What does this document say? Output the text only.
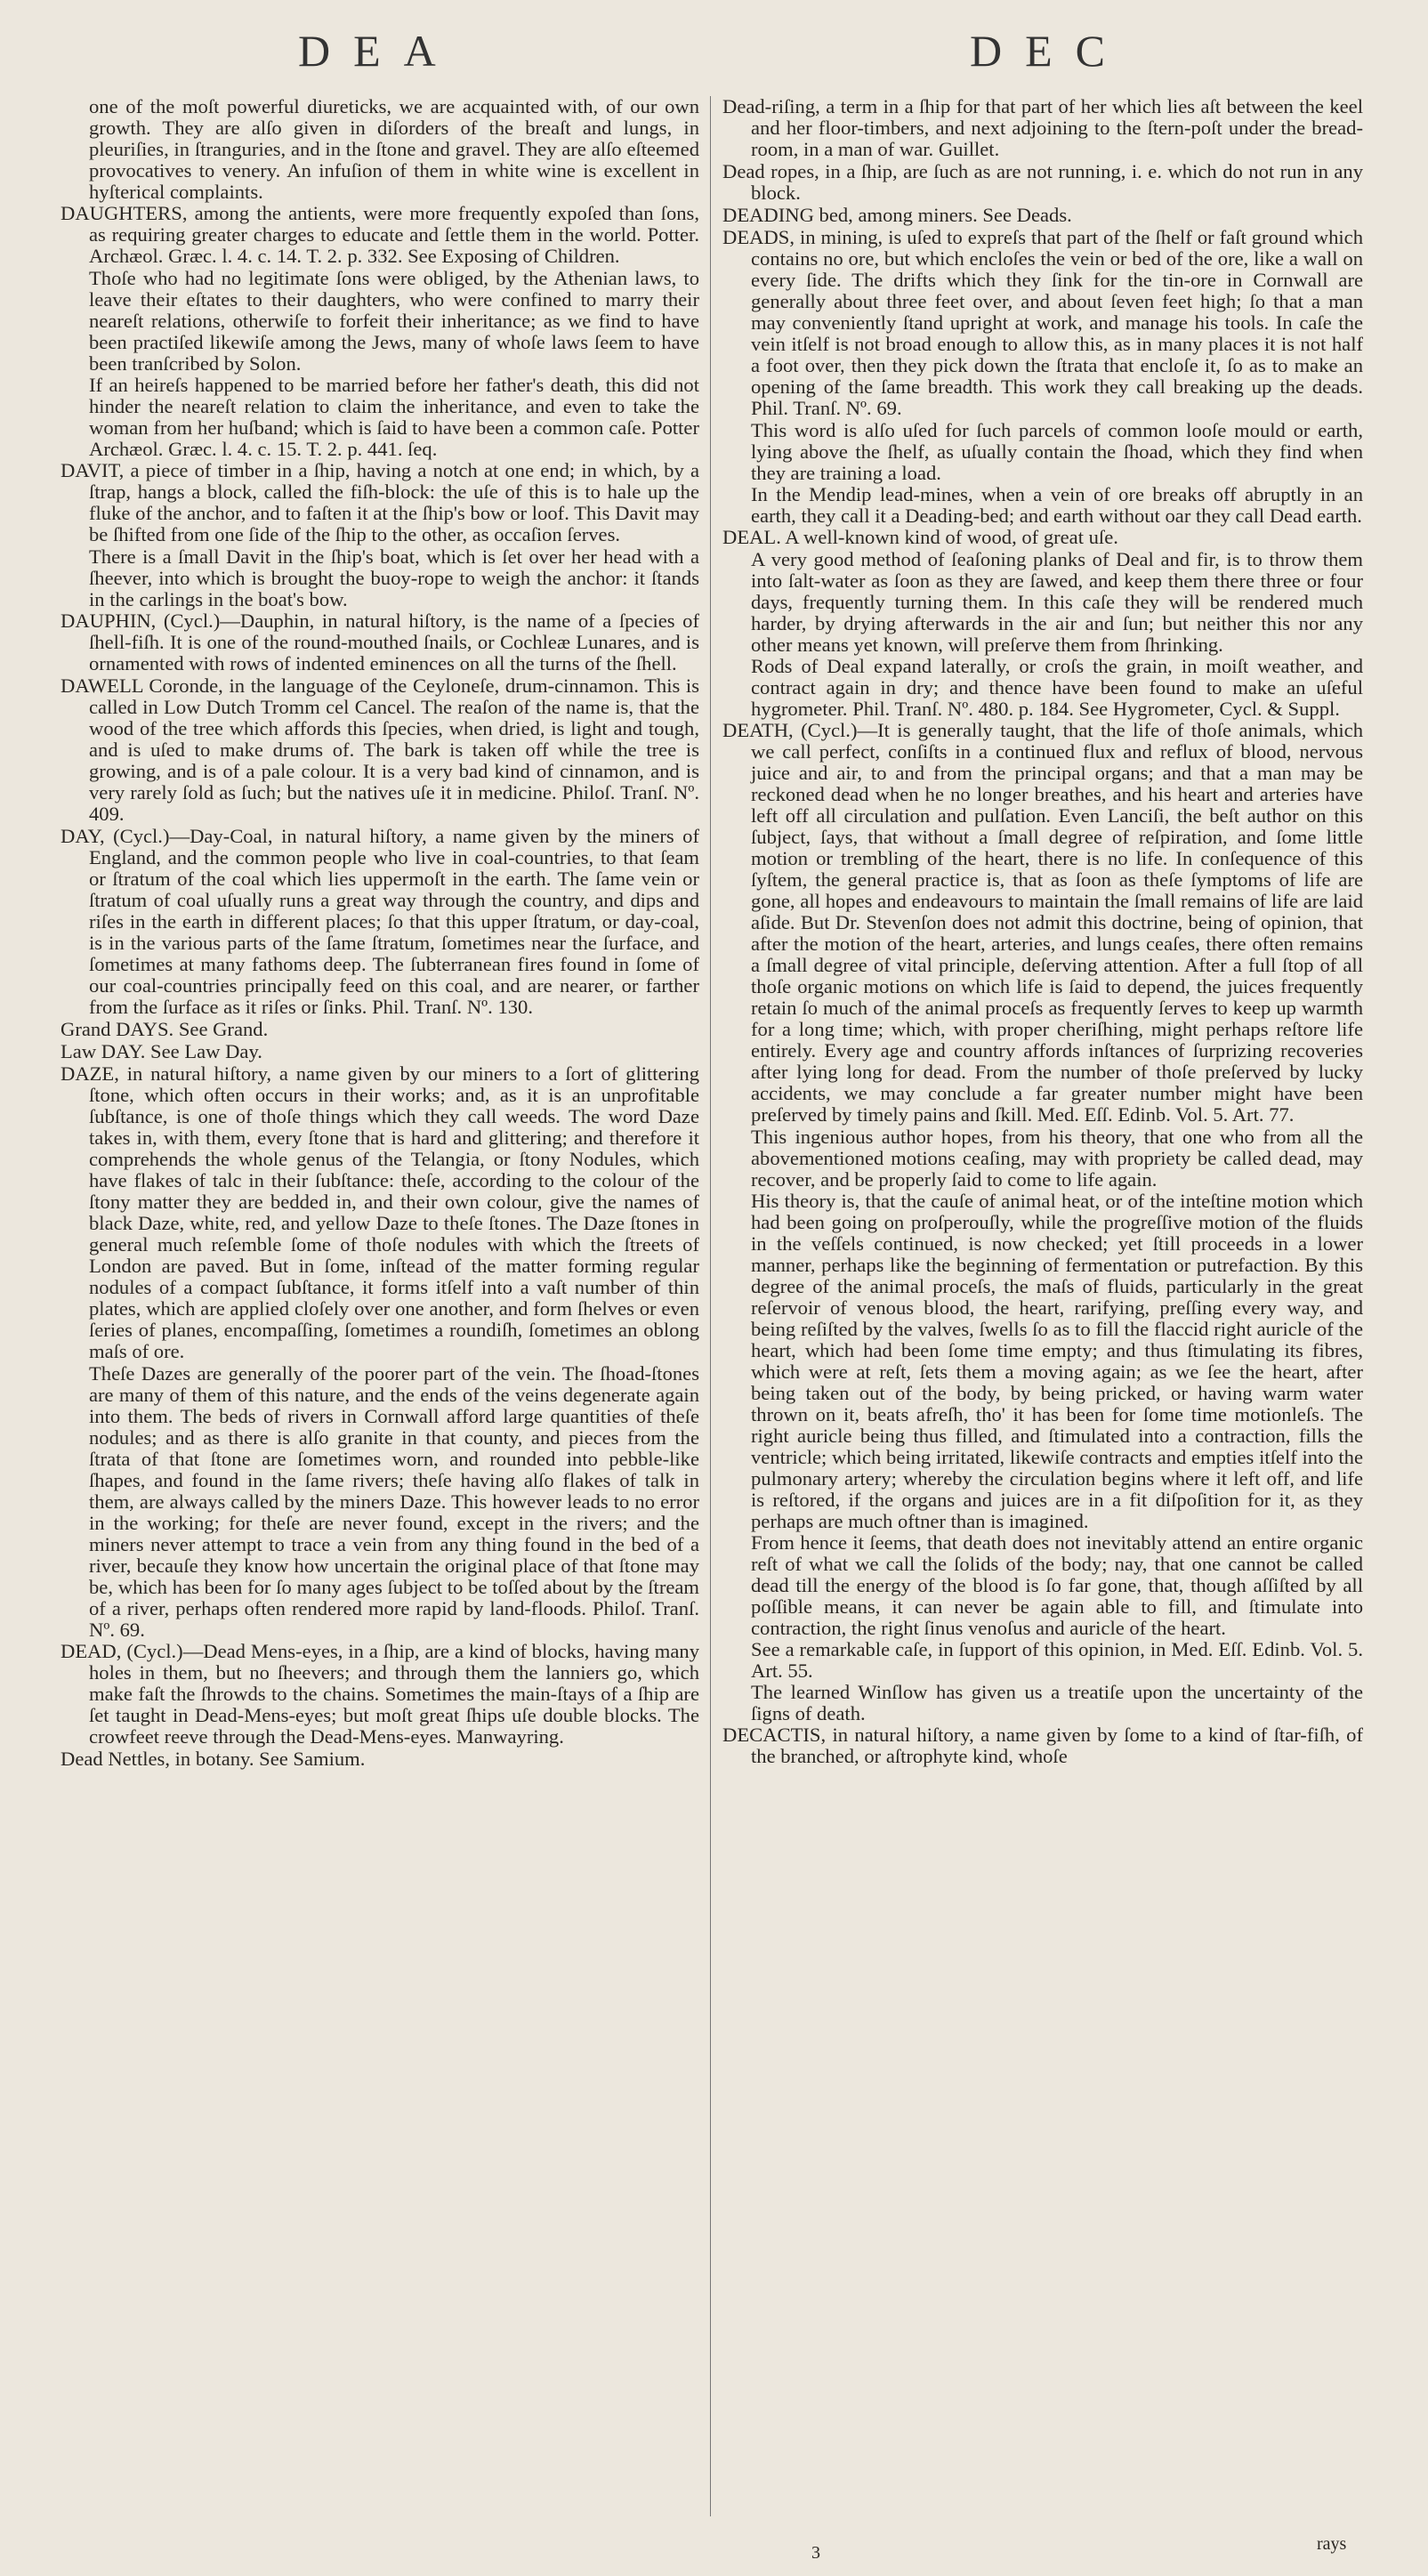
DEA	DEC

one of the moſt powerful diureticks, we are acquainted with, of our own growth. They are alſo given in diſorders of the breaſt and lungs, in pleuriſies, in ſtranguries, and in the ſtone and gravel. They are alſo eſteemed provocatives to venery. An infuſion of them in white wine is excellent in hyſterical complaints.

DAUGHTERS, among the antients, were more frequently expoſed than ſons, as requiring greater charges to educate and ſettle them in the world. Potter. Archæol. Græc. l. 4. c. 14. T. 2. p. 332. See Exposing of Children.

Thoſe who had no legitimate ſons were obliged, by the Athenian laws, to leave their eſtates to their daughters, who were confined to marry their neareſt relations, otherwiſe to forfeit their inheritance; as we find to have been practiſed likewiſe among the Jews, many of whoſe laws ſeem to have been tranſcribed by Solon.

If an heireſs happened to be married before her father's death, this did not hinder the neareſt relation to claim the inheritance, and even to take the woman from her huſband; which is ſaid to have been a common caſe. Potter Archæol. Græc. l. 4. c. 15. T. 2. p. 441. ſeq.

DAVIT, a piece of timber in a ſhip, having a notch at one end; in which, by a ſtrap, hangs a block, called the fiſh-block: the uſe of this is to hale up the fluke of the anchor, and to faſten it at the ſhip's bow or loof. This Davit may be ſhifted from one ſide of the ſhip to the other, as occaſion ſerves.

There is a ſmall Davit in the ſhip's boat, which is ſet over her head with a ſheever, into which is brought the buoy-rope to weigh the anchor: it ſtands in the carlings in the boat's bow.

DAUPHIN, (Cycl.)—Dauphin, in natural hiſtory, is the name of a ſpecies of ſhell-fiſh. It is one of the round-mouthed ſnails, or Cochleæ Lunares, and is ornamented with rows of indented eminences on all the turns of the ſhell.

DAWELL Coronde, in the language of the Ceyloneſe, drum-cinnamon. This is called in Low Dutch Tromm cel Cancel. The reaſon of the name is, that the wood of the tree which affords this ſpecies, when dried, is light and tough, and is uſed to make drums of. The bark is taken off while the tree is growing, and is of a pale colour. It is a very bad kind of cinnamon, and is very rarely ſold as ſuch; but the natives uſe it in medicine. Philoſ. Tranſ. Nº. 409.

DAY, (Cycl.)—Day-Coal, in natural hiſtory, a name given by the miners of England, and the common people who live in coal-countries, to that ſeam or ſtratum of the coal which lies uppermoſt in the earth. The ſame vein or ſtratum of coal uſually runs a great way through the country, and dips and riſes in the earth in different places; ſo that this upper ſtratum, or day-coal, is in the various parts of the ſame ſtratum, ſometimes near the ſurface, and ſometimes at many fathoms deep. The ſubterranean fires found in ſome of our coal-countries principally feed on this coal, and are nearer, or farther from the ſurface as it riſes or ſinks. Phil. Tranſ. Nº. 130.

Grand DAYS. See Grand.

Law DAY. See Law Day.

DAZE, in natural hiſtory, a name given by our miners to a ſort of glittering ſtone, which often occurs in their works; and, as it is an unprofitable ſubſtance, is one of thoſe things which they call weeds. The word Daze takes in, with them, every ſtone that is hard and glittering; and therefore it comprehends the whole genus of the Telangia, or ſtony Nodules, which have flakes of talc in their ſubſtance: theſe, according to the colour of the ſtony matter they are bedded in, and their own colour, give the names of black Daze, white, red, and yellow Daze to theſe ſtones. The Daze ſtones in general much reſemble ſome of thoſe nodules with which the ſtreets of London are paved. But in ſome, inſtead of the matter forming regular nodules of a compact ſubſtance, it forms itſelf into a vaſt number of thin plates, which are applied cloſely over one another, and form ſhelves or even ſeries of planes, encompaſſing, ſometimes a roundiſh, ſometimes an oblong maſs of ore.

Theſe Dazes are generally of the poorer part of the vein. The ſhoad-ſtones are many of them of this nature, and the ends of the veins degenerate again into them. The beds of rivers in Cornwall afford large quantities of theſe nodules; and as there is alſo granite in that county, and pieces from the ſtrata of that ſtone are ſometimes worn, and rounded into pebble-like ſhapes, and found in the ſame rivers; theſe having alſo flakes of talk in them, are always called by the miners Daze. This however leads to no error in the working; for theſe are never found, except in the rivers; and the miners never attempt to trace a vein from any thing found in the bed of a river, becauſe they know how uncertain the original place of that ſtone may be, which has been for ſo many ages ſubject to be toſſed about by the ſtream of a river, perhaps often rendered more rapid by land-floods. Philoſ. Tranſ. Nº. 69.

DEAD, (Cycl.)—Dead Mens-eyes, in a ſhip, are a kind of blocks, having many holes in them, but no ſheevers; and through them the lanniers go, which make faſt the ſhrowds to the chains. Sometimes the main-ſtays of a ſhip are ſet taught in Dead-Mens-eyes; but moſt great ſhips uſe double blocks. The crowfeet reeve through the Dead-Mens-eyes. Manwayring.

Dead Nettles, in botany. See Samium.

Dead-riſing, a term in a ſhip for that part of her which lies aſt between the keel and her floor-timbers, and next adjoining to the ſtern-poſt under the bread-room, in a man of war. Guillet.

Dead ropes, in a ſhip, are ſuch as are not running, i. e. which do not run in any block.

DEADING bed, among miners. See Deads.

DEADS, in mining, is uſed to expreſs that part of the ſhelf or faſt ground which contains no ore, but which encloſes the vein or bed of the ore, like a wall on every ſide. The drifts which they ſink for the tin-ore in Cornwall are generally about three feet over, and about ſeven feet high; ſo that a man may conveniently ſtand upright at work, and manage his tools. In caſe the vein itſelf is not broad enough to allow this, as in many places it is not half a foot over, then they pick down the ſtrata that encloſe it, ſo as to make an opening of the ſame breadth. This work they call breaking up the deads. Phil. Tranſ. Nº. 69.

This word is alſo uſed for ſuch parcels of common looſe mould or earth, lying above the ſhelf, as uſually contain the ſhoad, which they find when they are training a load.

In the Mendip lead-mines, when a vein of ore breaks off abruptly in an earth, they call it a Deading-bed; and earth without oar they call Dead earth.

DEAL. A well-known kind of wood, of great uſe.

A very good method of ſeaſoning planks of Deal and fir, is to throw them into ſalt-water as ſoon as they are ſawed, and keep them there three or four days, frequently turning them. In this caſe they will be rendered much harder, by drying afterwards in the air and ſun; but neither this nor any other means yet known, will preſerve them from ſhrinking.

Rods of Deal expand laterally, or croſs the grain, in moiſt weather, and contract again in dry; and thence have been found to make an uſeful hygrometer. Phil. Tranſ. Nº. 480. p. 184. See Hygrometer, Cycl. & Suppl.

DEATH, (Cycl.)—It is generally taught, that the life of thoſe animals, which we call perfect, conſiſts in a continued flux and reflux of blood, nervous juice and air, to and from the principal organs; and that a man may be reckoned dead when he no longer breathes, and his heart and arteries have left off all circulation and pulſation. Even Lanciſi, the beſt author on this ſubject, ſays, that without a ſmall degree of reſpiration, and ſome little motion or trembling of the heart, there is no life. In conſequence of this ſyſtem, the general practice is, that as ſoon as theſe ſymptoms of life are gone, all hopes and endeavours to maintain the ſmall remains of life are laid aſide. But Dr. Stevenſon does not admit this doctrine, being of opinion, that after the motion of the heart, arteries, and lungs ceaſes, there often remains a ſmall degree of vital principle, deſerving attention. After a full ſtop of all thoſe organic motions on which life is ſaid to depend, the juices frequently retain ſo much of the animal proceſs as frequently ſerves to keep up warmth for a long time; which, with proper cheriſhing, might perhaps reſtore life entirely. Every age and country affords inſtances of ſurprizing recoveries after lying long for dead. From the number of thoſe preſerved by lucky accidents, we may conclude a far greater number might have been preſerved by timely pains and ſkill. Med. Eſſ. Edinb. Vol. 5. Art. 77.

This ingenious author hopes, from his theory, that one who from all the abovementioned motions ceaſing, may with propriety be called dead, may recover, and be properly ſaid to come to life again.

His theory is, that the cauſe of animal heat, or of the inteſtine motion which had been going on proſperouſly, while the progreſſive motion of the fluids in the veſſels continued, is now checked; yet ſtill proceeds in a lower manner, perhaps like the beginning of fermentation or putrefaction. By this degree of the animal proceſs, the maſs of fluids, particularly in the great reſervoir of venous blood, the heart, rarifying, preſſing every way, and being reſiſted by the valves, ſwells ſo as to fill the flaccid right auricle of the heart, which had been ſome time empty; and thus ſtimulating its fibres, which were at reſt, ſets them a moving again; as we ſee the heart, after being taken out of the body, by being pricked, or having warm water thrown on it, beats afreſh, tho' it has been for ſome time motionleſs. The right auricle being thus filled, and ſtimulated into a contraction, fills the ventricle; which being irritated, likewiſe contracts and empties itſelf into the pulmonary artery; whereby the circulation begins where it left off, and life is reſtored, if the organs and juices are in a fit diſpoſition for it, as they perhaps are much oftner than is imagined.

From hence it ſeems, that death does not inevitably attend an entire organic reſt of what we call the ſolids of the body; nay, that one cannot be called dead till the energy of the blood is ſo far gone, that, though aſſiſted by all poſſible means, it can never be again able to fill, and ſtimulate into contraction, the right ſinus venoſus and auricle of the heart.

See a remarkable caſe, in ſupport of this opinion, in Med. Eſſ. Edinb. Vol. 5. Art. 55.

The learned Winſlow has given us a treatiſe upon the uncertainty of the ſigns of death.

DECACTIS, in natural hiſtory, a name given by ſome to a kind of ſtar-fiſh, of the branched, or aſtrophyte kind, whoſe

3	rays
